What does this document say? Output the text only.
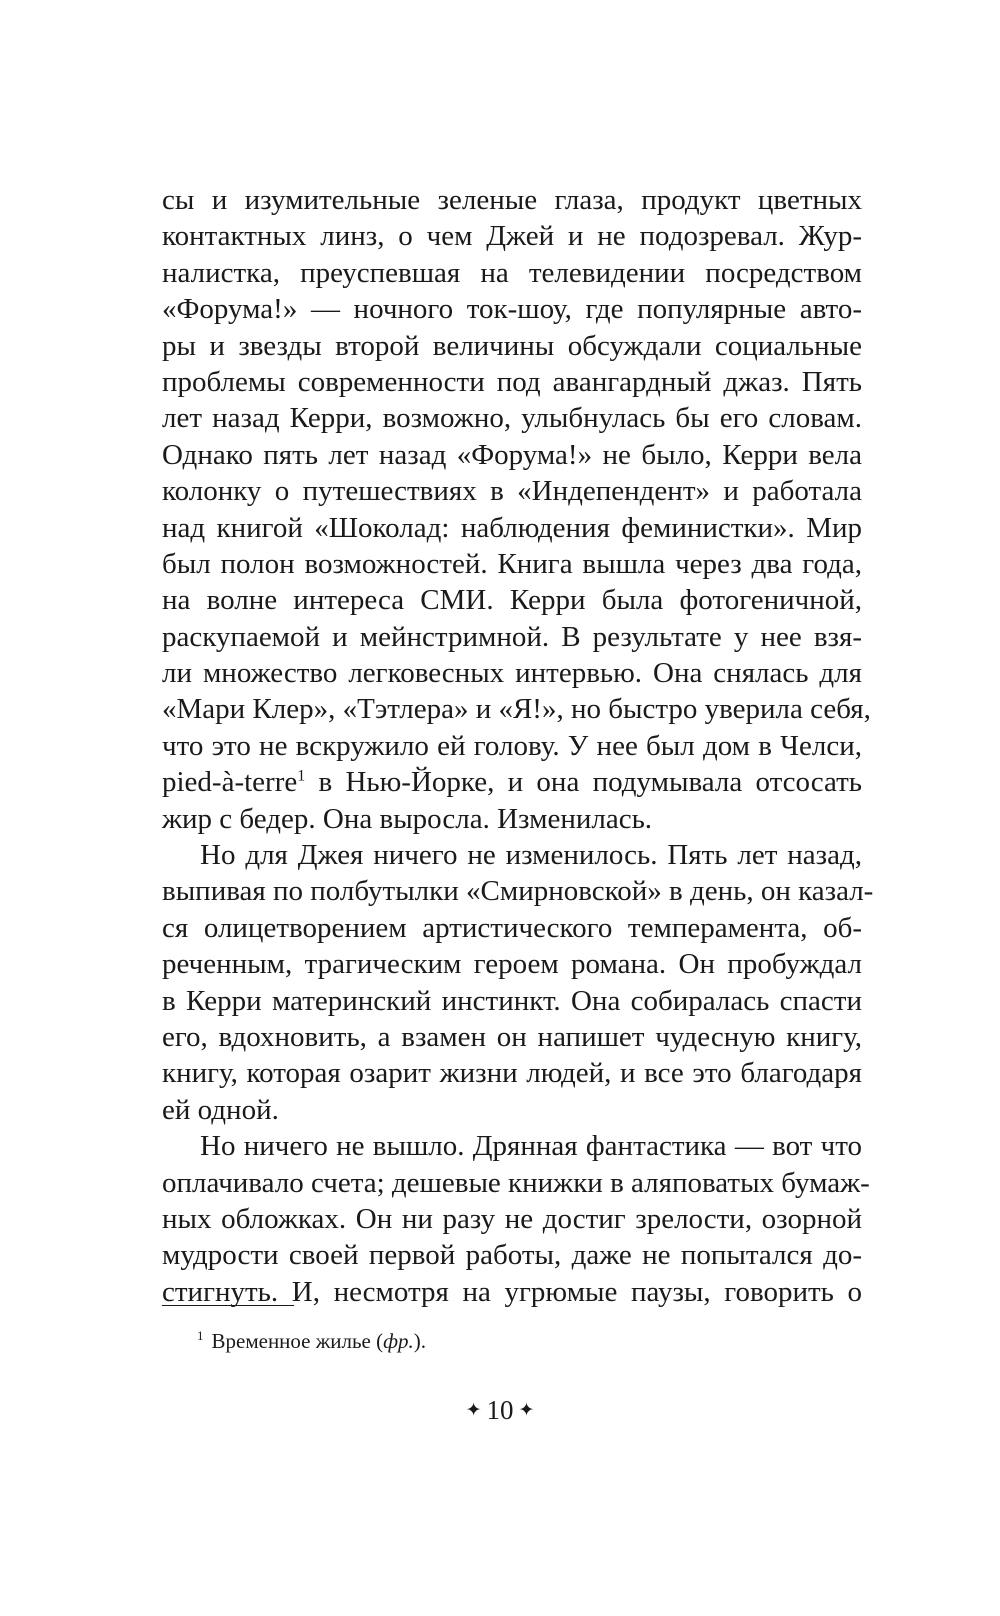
сы и изумительные зеленые глаза, продукт цветных
контактных линз, о чем Джей и не подозревал. Жур-
налистка, преуспевшая на телевидении посредством
«Форума!» — ночного ток-шоу, где популярные авто-
ры и звезды второй величины обсуждали социальные
проблемы современности под авангардный джаз. Пять
лет назад Керри, возможно, улыбнулась бы его словам.
Однако пять лет назад «Форума!» не было, Керри вела
колонку о путешествиях в «Индепендент» и работала
над книгой «Шоколад: наблюдения феминистки». Мир
был полон возможностей. Книга вышла через два года,
на волне интереса СМИ. Керри была фотогеничной,
раскупаемой и мейнстримной. В результате у нее взя-
ли множество легковесных интервью. Она снялась для
«Мари Клер», «Тэтлера» и «Я!», но быстро уверила себя,
что это не вскружило ей голову. У нее был дом в Челси,
pied-à-terre$^1$ в Нью-Йорке, и она подумывала отсосать
жир с бедер. Она выросла. Изменилась.
Но для Джея ничего не изменилось. Пять лет назад,
выпивая по полбутылки «Смирновской» в день, он казал-
ся олицетворением артистического темперамента, об-
реченным, трагическим героем романа. Он пробуждал
в Керри материнский инстинкт. Она собиралась спасти
его, вдохновить, а взамен он напишет чудесную книгу,
книгу, которая озарит жизни людей, и все это благодаря
ей одной.
Но ничего не вышло. Дрянная фантастика — вот что
оплачивало счета; дешевые книжки в аляповатых бумаж-
ных обложках. Он ни разу не достиг зрелости, озорной
мудрости своей первой работы, даже не попытался до-
стигнуть. И, несмотря на угрюмые паузы, говорить о
$^1$ Временное жилье (фр.).
✦ 10 ✦
